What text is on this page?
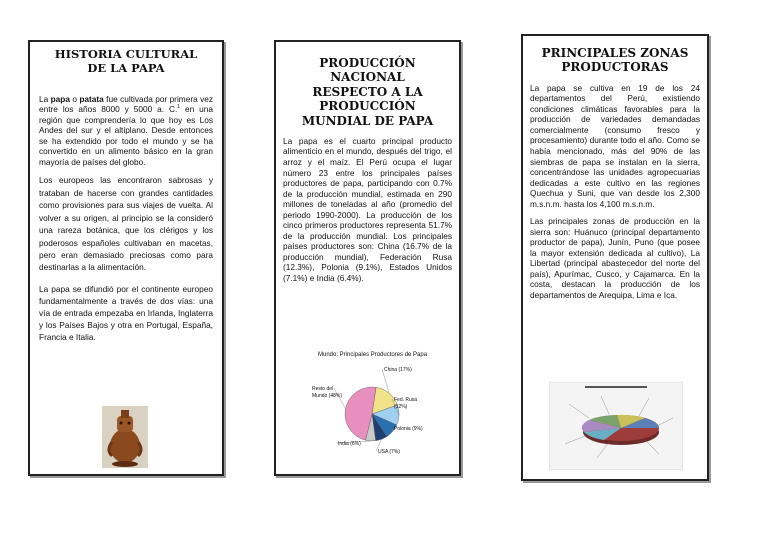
HISTORIA CULTURAL DE LA PAPA

La papa o patata fue cultivada por primera vez entre los años 8000 y 5000 a. C.$^1$ en una región que comprendería lo que hoy es Los Andes del sur y el altiplano. Desde entonces se ha extendido por todo el mundo y se ha convertido en un alimento básico en la gran mayoría de países del globo.

Los europeos las encontraron sabrosas y trataban de hacerse con grandes cantidades como provisiones para sus viajes de vuelta. Al volver a su origen, al principio se la consideró una rareza botánica, que los clérigos y los poderosos españoles cultivaban en macetas, pero eran demasiado preciosas como para destinarlas a la alimentación.

La papa se difundió por el continente europeo fundamentalmente a través de dos vías: una vía de entrada empezaba en Irlanda, Inglaterra y los Países Bajos y otra en Portugal, España, Francia e Italia.

PRODUCCIÓN NACIONAL RESPECTO A LA PRODUCCIÓN MUNDIAL DE PAPA

La papa es el cuarto principal producto alimenticio en el mundo, después del trigo, el arroz y el maíz. El Perú ocupa el lugar número 23 entre los principales países productores de papa, participando con 0.7% de la producción mundial, estimada en 290 millones de toneladas al año (promedio del periodo 1990-2000). La producción de los cinco primeros productores representa 51.7% de la producción mundial. Los principales países productores son: China (16.7% de la producción mundial), Federación Rusa (12.3%), Polonia (9.1%), Estados Unidos (7.1%) e India (6.4%).

Mundo: Principales Productores de Papa
China (17%)
Fed. Rusa
(12%)
Polonia (9%)
USA (7%)
India (6%)
Resto del
Mundo (48%)
PRINCIPALES ZONAS PRODUCTORAS

La papa se cultiva en 19 de los 24 departamentos del Perú, existiendo condiciones climáticas favorables para la producción de variedades demandadas comercialmente (consumo fresco y procesamiento) durante todo el año. Como se había mencionado, más del 90% de las siembras de papa se instalan en la sierra, concentrándose las unidades agropecuarias dedicadas a este cultivo en las regiones Quechua y Suni, que van desde los 2,300 m.s.n.m. hasta los 4,100 m.s.n.m.

Las principales zonas de producción en la sierra son: Huánuco (principal departamento productor de papa), Junín, Puno (que posee la mayor extensión dedicada al cultivo), La Libertad (principal abastecedor del norte del país), Apurímac, Cusco, y Cajamarca. En la costa, destacan la producción de los departamentos de Arequipa, Lima e Ica.
